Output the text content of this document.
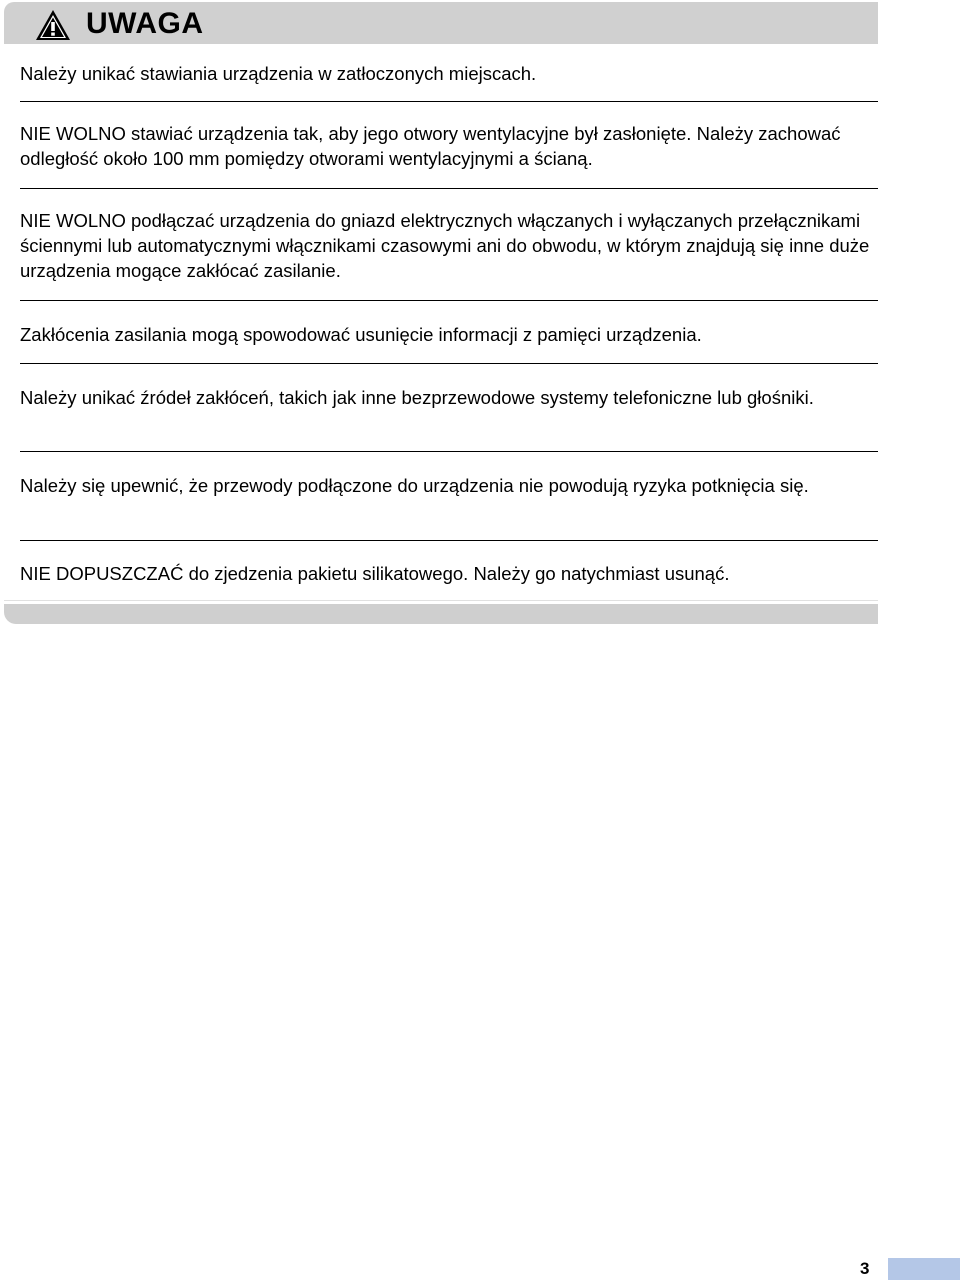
UWAGA
Należy unikać stawiania urządzenia w zatłoczonych miejscach.
NIE WOLNO stawiać urządzenia tak, aby jego otwory wentylacyjne był zasłonięte. Należy zachować odległość około 100 mm pomiędzy otworami wentylacyjnymi a ścianą.
NIE WOLNO podłączać urządzenia do gniazd elektrycznych włączanych i wyłączanych przełącznikami ściennymi lub automatycznymi włącznikami czasowymi ani do obwodu, w którym znajdują się inne duże urządzenia mogące zakłócać zasilanie.
Zakłócenia zasilania mogą spowodować usunięcie informacji z pamięci urządzenia.
Należy unikać źródeł zakłóceń, takich jak inne bezprzewodowe systemy telefoniczne lub głośniki.
Należy się upewnić, że przewody podłączone do urządzenia nie powodują ryzyka potknięcia się.
NIE DOPUSZCZAĆ do zjedzenia pakietu silikatowego. Należy go natychmiast usunąć.
3
